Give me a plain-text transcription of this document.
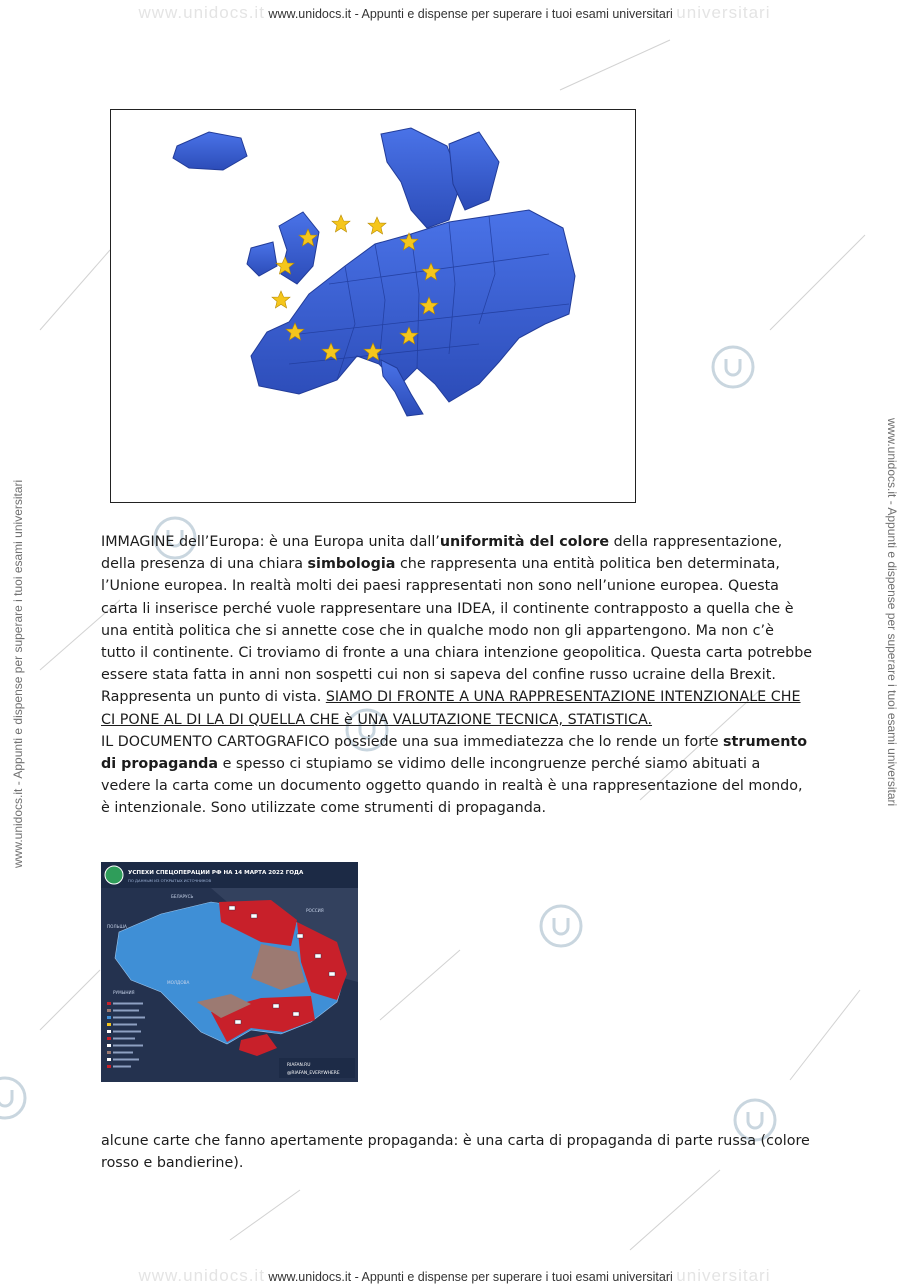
www.unidocs.it www.unidocs.it - Appunti e dispense per superare i tuoi esami universitari universitari
www.unidocs.it - Appunti e dispense per superare i tuoi esami universitari	www.unidocs.it - Appunti e dispense per superare i tuoi esami universitari

IMMAGINE dell’Europa: è una Europa unita dall’uniformità del colore della rappresentazione, della presenza di una chiara simbologia che rappresenta una entità politica ben determinata, l’Unione europea. In realtà molti dei paesi rappresentati non sono nell’unione europea. Questa carta li inserisce perché vuole rappresentare una IDEA, il continente contrapposto a quella che è una entità politica che si annette cose che in qualche modo non gli appartengono. Ma non c’è tutto il continente. Ci troviamo di fronte a una chiara intenzione geopolitica. Questa carta potrebbe essere stata fatta in anni non sospetti cui non si sapeva del confine russo ucraine della Brexit. Rappresenta un punto di vista. SIAMO DI FRONTE A UNA RAPPRESENTAZIONE INTENZIONALE CHE CI PONE AL DI LA DI QUELLA CHE è UNA VALUTAZIONE TECNICA, STATISTICA.

IL DOCUMENTO CARTOGRAFICO possiede una sua immediatezza che lo rende un forte strumento di propaganda e spesso ci stupiamo se vidimo delle incongruenze perché siamo abituati a vedere la carta come un documento oggetto quando in realtà è una rappresentazione del mondo, è intenzionale. Sono utilizzate come strumenti di propaganda.

УСПЕХИ СПЕЦОПЕРАЦИИ РФ НА 14 МАРТА 2022 ГОДА
ПО ДАННЫМ ИЗ ОТКРЫТЫХ ИСТОЧНИКОВ
БЕЛАРУСЬ
РОССИЯ
ПОЛЬША
РУМЫНИЯ
МОЛДОВА
RIAFAN.RU
@RIAFAN_EVERYWHERE

alcune carte che fanno apertamente propaganda: è una carta di propaganda di parte russa (colore rosso e bandierine).

www.unidocs.it www.unidocs.it - Appunti e dispense per superare i tuoi esami universitari universitari
